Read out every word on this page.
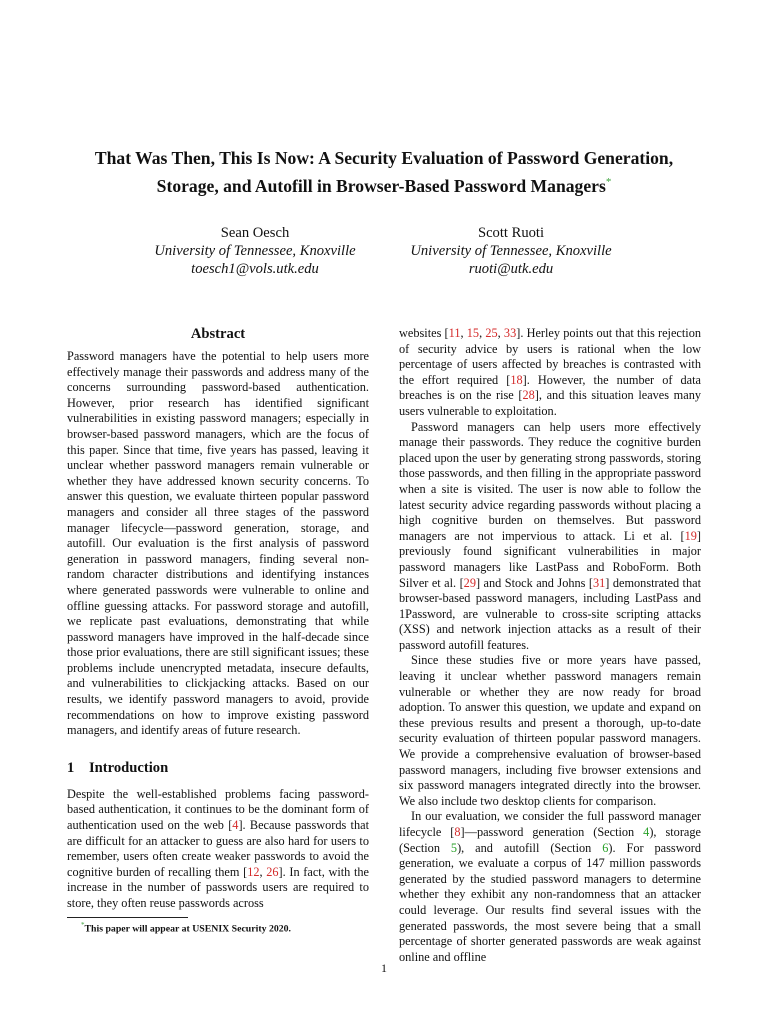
That Was Then, This Is Now: A Security Evaluation of Password Generation,
Storage, and Autofill in Browser-Based Password Managers*
Sean Oesch
University of Tennessee, Knoxville
toesch1@vols.utk.edu
Scott Ruoti
University of Tennessee, Knoxville
ruoti@utk.edu
Abstract

Password managers have the potential to help users more effectively manage their passwords and address many of the concerns surrounding password-based authentication. However, prior research has identified significant vulnerabilities in existing password managers; especially in browser-based password managers, which are the focus of this paper. Since that time, five years has passed, leaving it unclear whether password managers remain vulnerable or whether they have addressed known security concerns. To answer this question, we evaluate thirteen popular password managers and consider all three stages of the password manager lifecycle—password generation, storage, and autofill. Our evaluation is the first analysis of password generation in password managers, finding several non-random character distributions and identifying instances where generated passwords were vulnerable to online and offline guessing attacks. For password storage and autofill, we replicate past evaluations, demonstrating that while password managers have improved in the half-decade since those prior evaluations, there are still significant issues; these problems include unencrypted metadata, insecure defaults, and vulnerabilities to clickjacking attacks. Based on our results, we identify password managers to avoid, provide recommendations on how to improve existing password managers, and identify areas of future research.

1 Introduction

Despite the well-established problems facing password-based authentication, it continues to be the dominant form of authentication used on the web [4]. Because passwords that are difficult for an attacker to guess are also hard for users to remember, users often create weaker passwords to avoid the cognitive burden of recalling them [12, 26]. In fact, with the increase in the number of passwords users are required to store, they often reuse passwords across

websites [11, 15, 25, 33]. Herley points out that this rejection of security advice by users is rational when the low percentage of users affected by breaches is contrasted with the effort required [18]. However, the number of data breaches is on the rise [28], and this situation leaves many users vulnerable to exploitation.

Password managers can help users more effectively manage their passwords. They reduce the cognitive burden placed upon the user by generating strong passwords, storing those passwords, and then filling in the appropriate password when a site is visited. The user is now able to follow the latest security advice regarding passwords without placing a high cognitive burden on themselves. But password managers are not impervious to attack. Li et al. [19] previously found significant vulnerabilities in major password managers like LastPass and RoboForm. Both Silver et al. [29] and Stock and Johns [31] demonstrated that browser-based password managers, including LastPass and 1Password, are vulnerable to cross-site scripting attacks (XSS) and network injection attacks as a result of their password autofill features.

Since these studies five or more years have passed, leaving it unclear whether password managers remain vulnerable or whether they are now ready for broad adoption. To answer this question, we update and expand on these previous results and present a thorough, up-to-date security evaluation of thirteen popular password managers. We provide a comprehensive evaluation of browser-based password managers, including five browser extensions and six password managers integrated directly into the browser. We also include two desktop clients for comparison.

In our evaluation, we consider the full password manager lifecycle [8]—password generation (Section 4), storage (Section 5), and autofill (Section 6). For password generation, we evaluate a corpus of 147 million passwords generated by the studied password managers to determine whether they exhibit any non-randomness that an attacker could leverage. Our results find several issues with the generated passwords, the most severe being that a small percentage of shorter generated passwords are weak against online and offline

*This paper will appear at USENIX Security 2020.
1
